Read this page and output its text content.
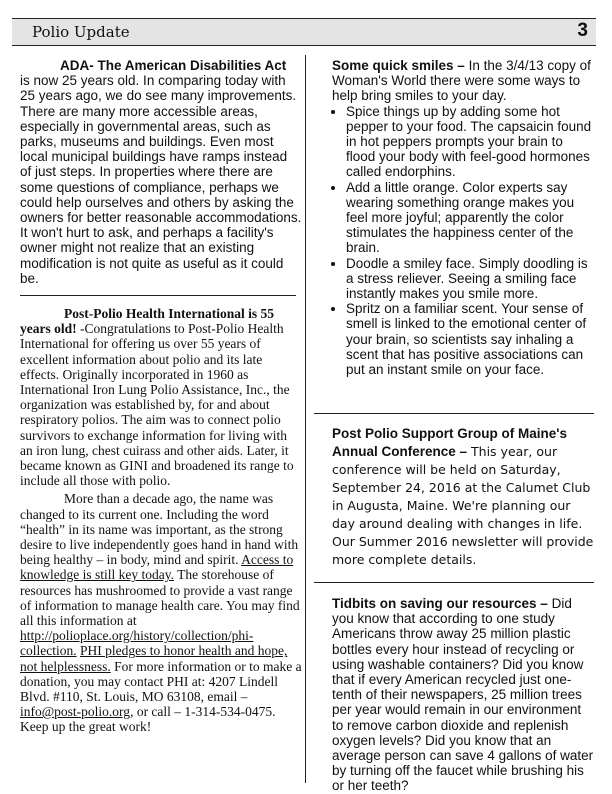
Polio Update	3

ADA- The American Disabilities Act

is now 25 years old. In comparing today with 25 years ago, we do see many improvements. There are many more accessible areas, especially in governmental areas, such as parks, museums and buildings. Even most local municipal buildings have ramps instead of just steps. In properties where there are some questions of compliance, perhaps we could help ourselves and others by asking the owners for better reasonable accommodations. It won't hurt to ask, and perhaps a facility's owner might not realize that an existing modification is not quite as useful as it could be.

Post-Polio Health International is 55 years old! -Congratulations to Post-Polio Health International for offering us over 55 years of excellent information about polio and its late effects. Originally incorporated in 1960 as International Iron Lung Polio Assistance, Inc., the organization was established by, for and about respiratory polios. The aim was to connect polio survivors to exchange information for living with an iron lung, chest cuirass and other aids. Later, it became known as GINI and broadened its range to include all those with polio.

More than a decade ago, the name was changed to its current one. Including the word “health” in its name was important, as the strong desire to live independently goes hand in hand with being healthy – in body, mind and spirit. Access to knowledge is still key today. The storehouse of resources has mushroomed to provide a vast range of information to manage health care. You may find all this information at http://polioplace.org/history/collection/phi-collection. PHI pledges to honor health and hope, not helplessness. For more information or to make a donation, you may contact PHI at: 4207 Lindell Blvd. #110, St. Louis, MO 63108, email – info@post-polio.org, or call – 1-314-534-0475.

Keep up the great work!

Some quick smiles – In the 3/4/13 copy of Woman's World there were some ways to help bring smiles to your day.

• Spice things up by adding some hot pepper to your food. The capsaicin found in hot peppers prompts your brain to flood your body with feel-good hormones called endorphins.
• Add a little orange. Color experts say wearing something orange makes you feel more joyful; apparently the color stimulates the happiness center of the brain.
• Doodle a smiley face. Simply doodling is a stress reliever. Seeing a smiling face instantly makes you smile more.
• Spritz on a familiar scent. Your sense of smell is linked to the emotional center of your brain, so scientists say inhaling a scent that has positive associations can put an instant smile on your face.

Post Polio Support Group of Maine's Annual Conference – This year, our conference will be held on Saturday, September 24, 2016 at the Calumet Club in Augusta, Maine. We're planning our day around dealing with changes in life. Our Summer 2016 newsletter will provide more complete details.

Tidbits on saving our resources – Did you know that according to one study Americans throw away 25 million plastic bottles every hour instead of recycling or using washable containers? Did you know that if every American recycled just one-tenth of their newspapers, 25 million trees per year would remain in our environment to remove carbon dioxide and replenish oxygen levels? Did you know that an average person can save 4 gallons of water by turning off the faucet while brushing his or her teeth?
